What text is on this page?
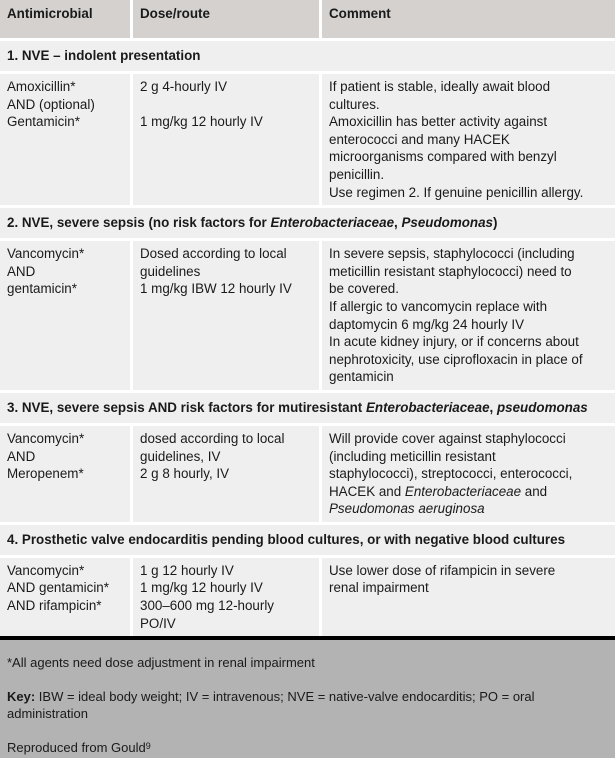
Antimicrobial	Dose/route	Comment
1. NVE – indolent presentation
Amoxicillin*
AND (optional)
Gentamicin*
2 g 4-hourly IV
1 mg/kg 12 hourly IV
If patient is stable, ideally await blood
cultures.
Amoxicillin has better activity against
enterococci and many HACEK
microorganisms compared with benzyl
penicillin.
Use regimen 2. If genuine penicillin allergy.
2. NVE, severe sepsis (no risk factors for Enterobacteriaceae, Pseudomonas)
Vancomycin*
AND
gentamicin*
Dosed according to local
guidelines
1 mg/kg IBW 12 hourly IV
In severe sepsis, staphylococci (including
meticillin resistant staphylococci) need to
be covered.
If allergic to vancomycin replace with
daptomycin 6 mg/kg 24 hourly IV
In acute kidney injury, or if concerns about
nephrotoxicity, use ciprofloxacin in place of
gentamicin
3. NVE, severe sepsis AND risk factors for mutiresistant Enterobacteriaceae, pseudomonas
Vancomycin*
AND
Meropenem*
dosed according to local
guidelines, IV
2 g 8 hourly, IV
Will provide cover against staphylococci
(including meticillin resistant
staphylococci), streptococci, enterococci,
HACEK and Enterobacteriaceae and
Pseudomonas aeruginosa
4. Prosthetic valve endocarditis pending blood cultures, or with negative blood cultures
Vancomycin*
AND gentamicin*
AND rifampicin*
1 g 12 hourly IV
1 mg/kg 12 hourly IV
300–600 mg 12-hourly
PO/IV
Use lower dose of rifampicin in severe
renal impairment

*All agents need dose adjustment in renal impairment

Key: IBW = ideal body weight; IV = intravenous; NVE = native-valve endocarditis; PO = oral administration

Reproduced from Gould$^9$
